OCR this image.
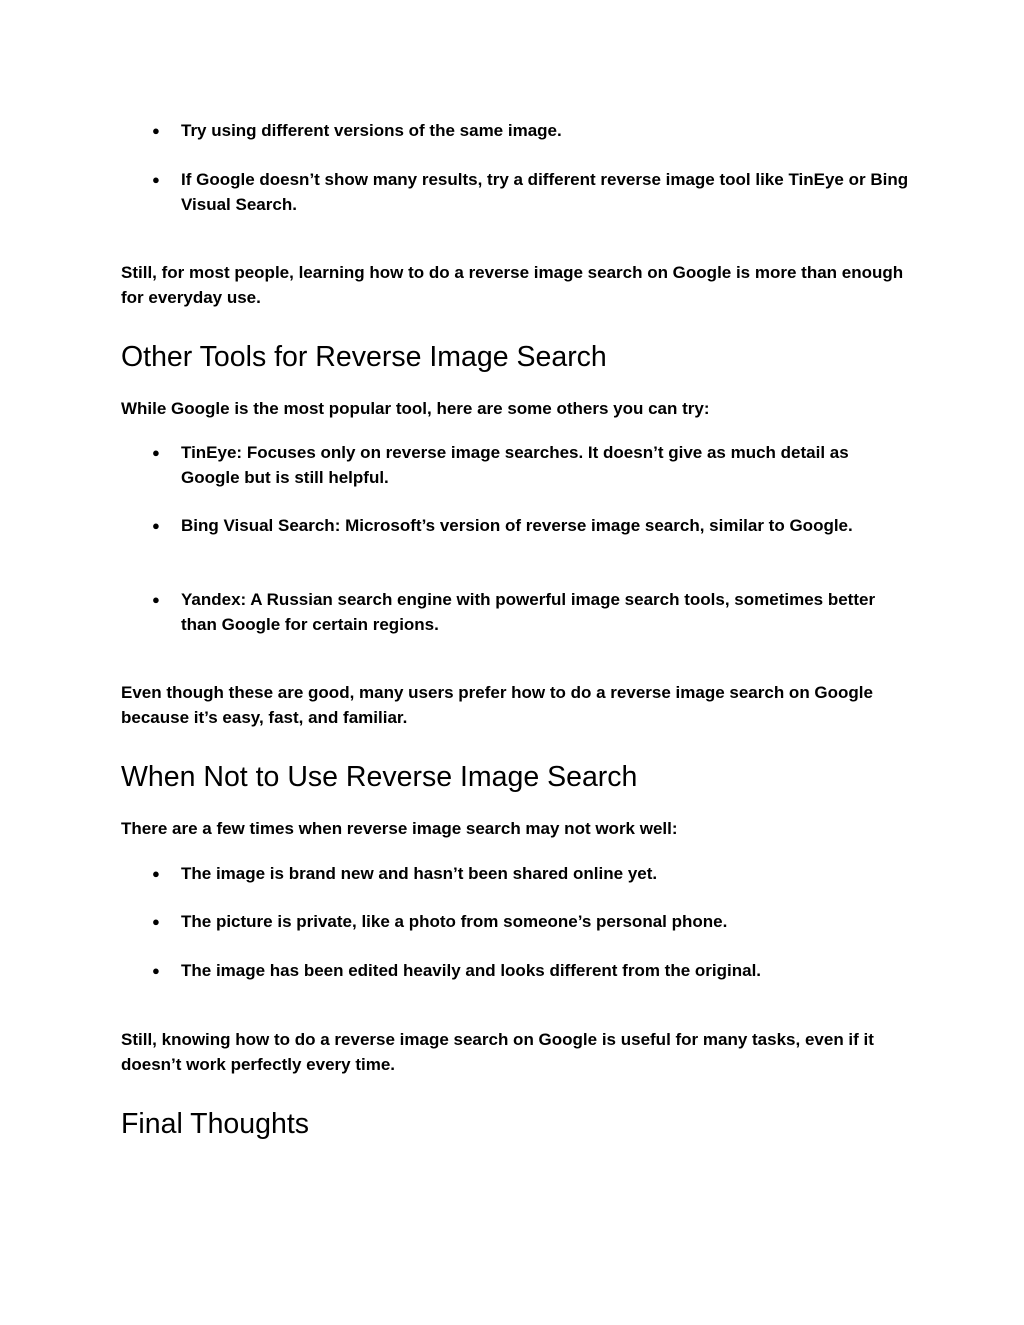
● Try using different versions of the same image.
● If Google doesn’t show many results, try a different reverse image tool like TinEye or Bing Visual Search.

Still, for most people, learning how to do a reverse image search on Google is more than enough for everyday use.

Other Tools for Reverse Image Search

While Google is the most popular tool, here are some others you can try:

● TinEye: Focuses only on reverse image searches. It doesn’t give as much detail as Google but is still helpful.
● Bing Visual Search: Microsoft’s version of reverse image search, similar to Google.
● Yandex: A Russian search engine with powerful image search tools, sometimes better than Google for certain regions.

Even though these are good, many users prefer how to do a reverse image search on Google because it’s easy, fast, and familiar.

When Not to Use Reverse Image Search

There are a few times when reverse image search may not work well:

● The image is brand new and hasn’t been shared online yet.
● The picture is private, like a photo from someone’s personal phone.
● The image has been edited heavily and looks different from the original.

Still, knowing how to do a reverse image search on Google is useful for many tasks, even if it doesn’t work perfectly every time.

Final Thoughts
